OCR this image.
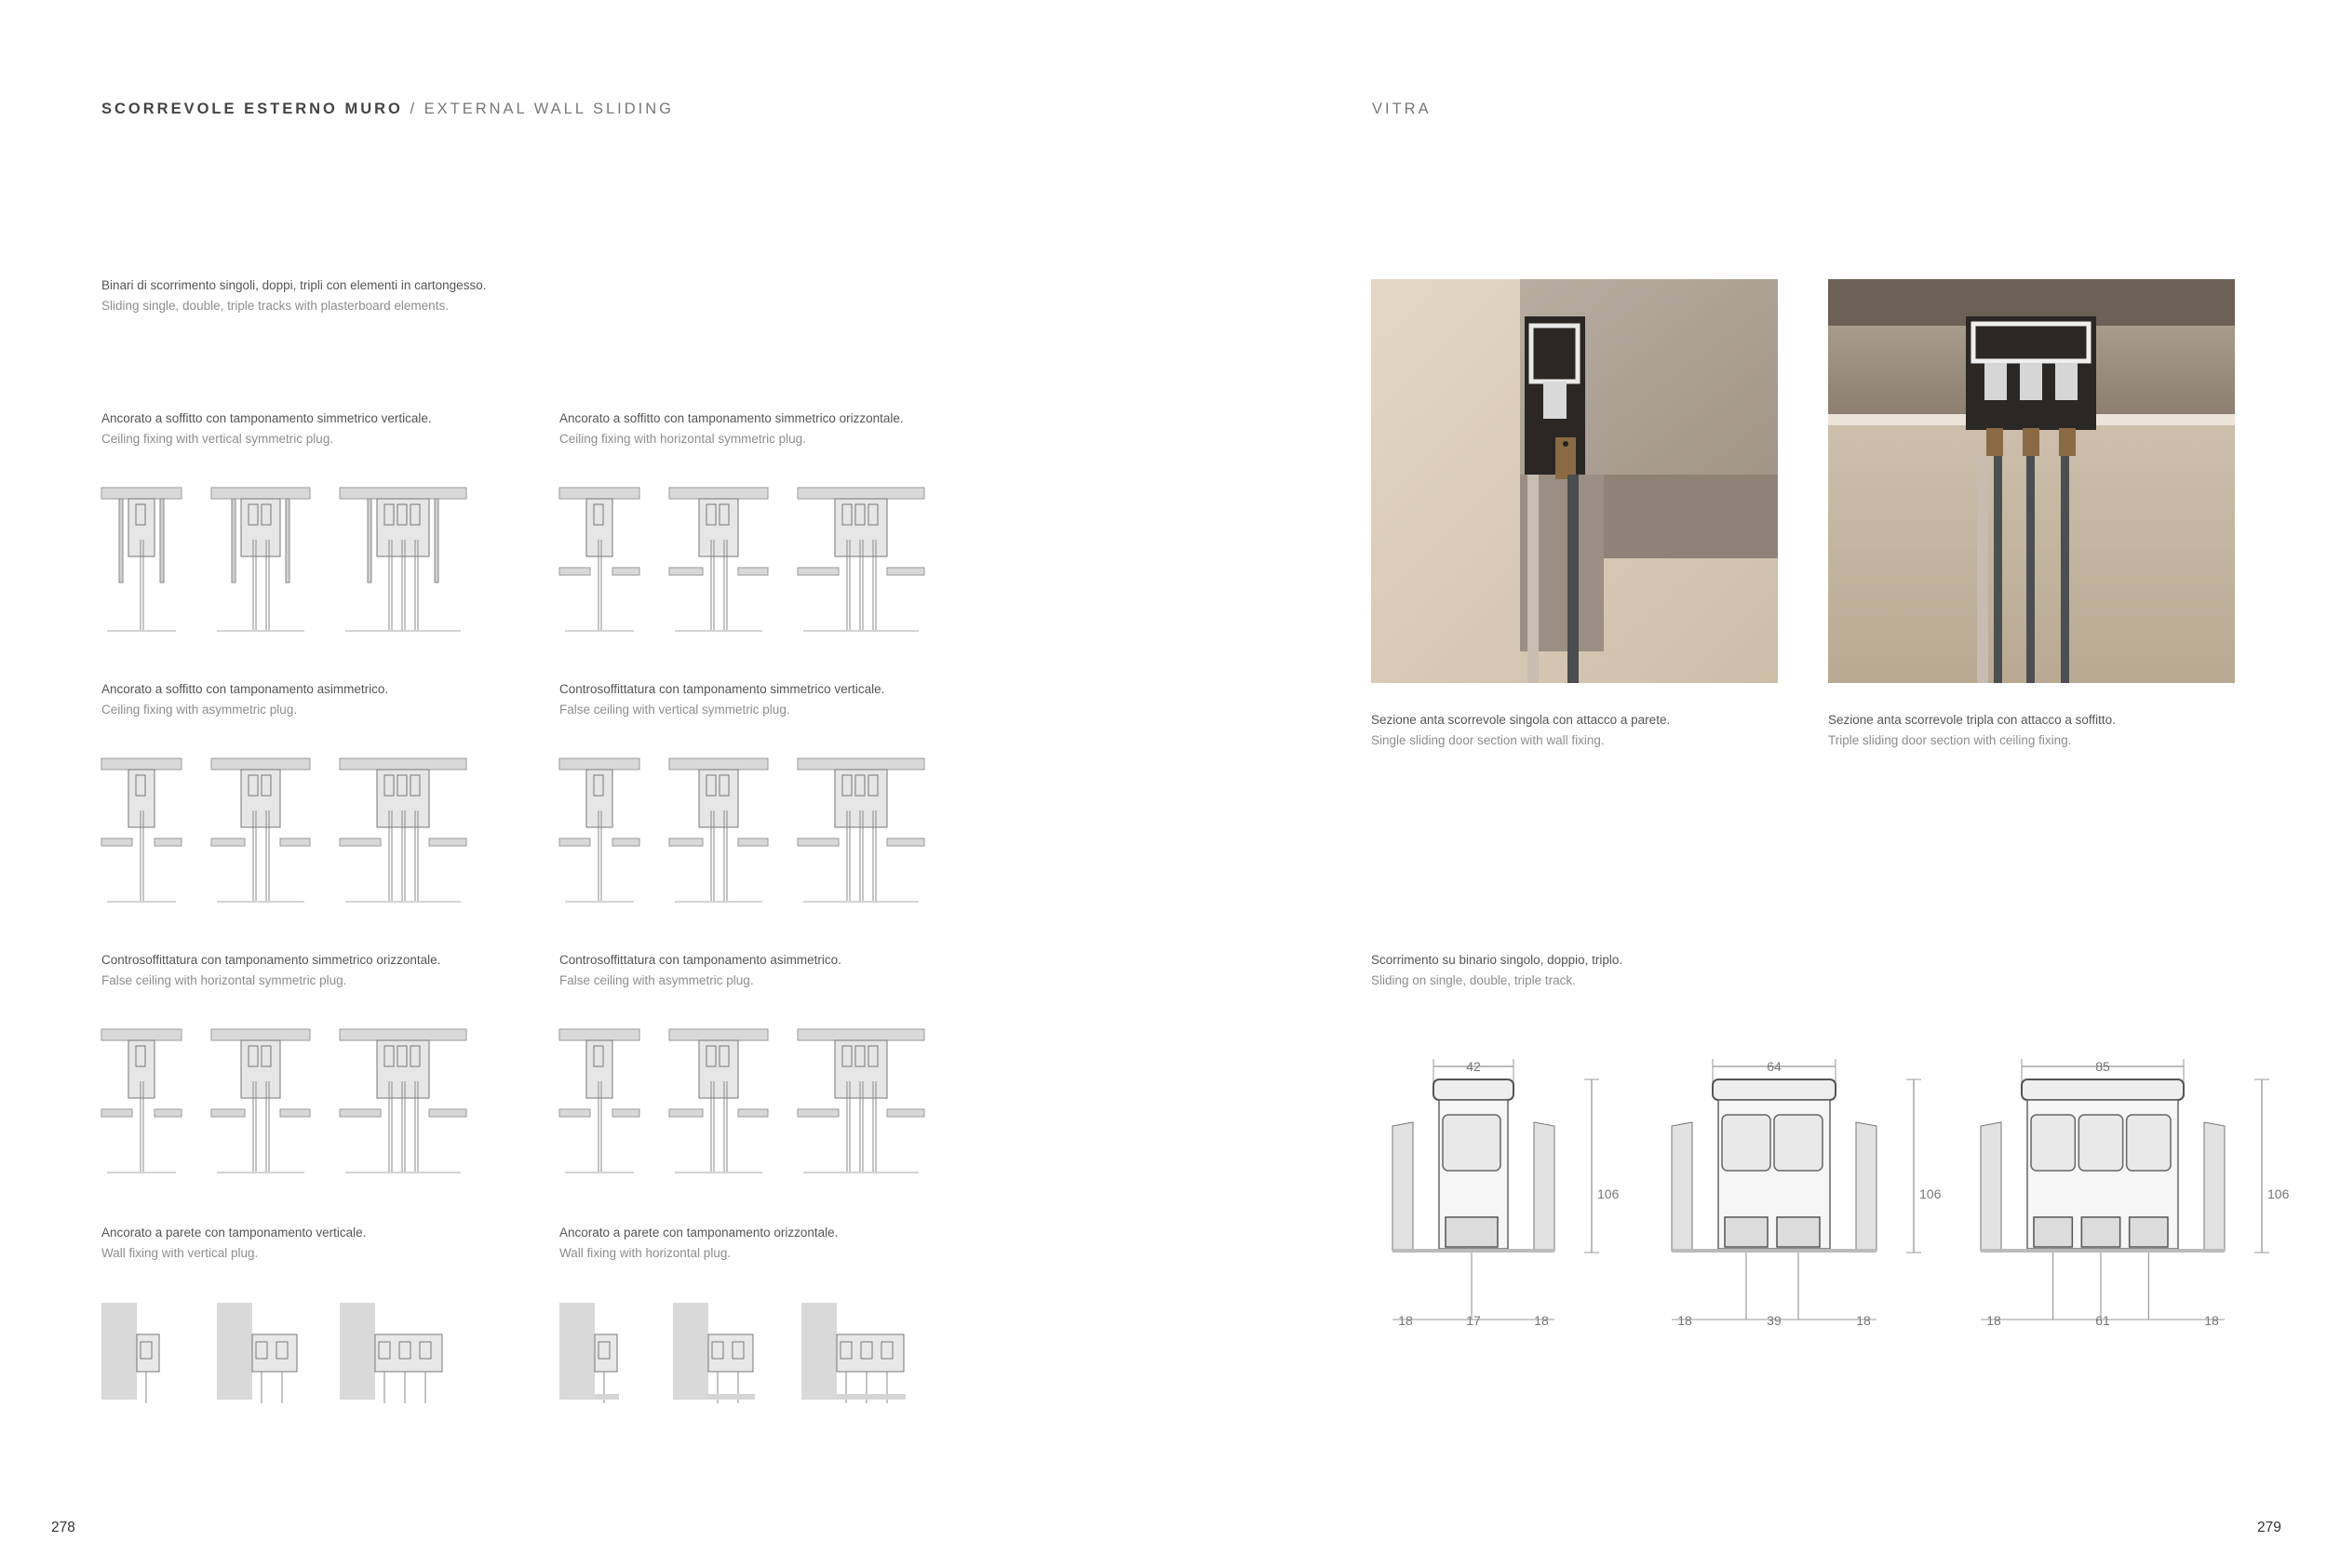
SCORREVOLE ESTERNO MURO / EXTERNAL WALL SLIDING	VITRA
Binari di scorrimento singoli, doppi, tripli con elementi in cartongesso.
Sliding single, double, triple tracks with plasterboard elements.
Ancorato a soffitto con tamponamento simmetrico verticale.
Ceiling fixing with vertical symmetric plug.
Ancorato a soffitto con tamponamento simmetrico orizzontale.
Ceiling fixing with horizontal symmetric plug.
Ancorato a soffitto con tamponamento asimmetrico.
Ceiling fixing with asymmetric plug.
Controsoffittatura con tamponamento simmetrico verticale.
False ceiling with vertical symmetric plug.
Controsoffittatura con tamponamento simmetrico orizzontale.
False ceiling with horizontal symmetric plug.
Controsoffittatura con tamponamento asimmetrico.
False ceiling with asymmetric plug.
Ancorato a parete con tamponamento verticale.
Wall fixing with vertical plug.
Ancorato a parete con tamponamento orizzontale.
Wall fixing with horizontal plug.
Sezione anta scorrevole singola con attacco a parete.
Single sliding door section with wall fixing.
Sezione anta scorrevole tripla con attacco a soffitto.
Triple sliding door section with ceiling fixing.
Scorrimento su binario singolo, doppio, triplo.
Sliding on single, double, triple track.
42
106
18	17	18
64
106
18	39	18
85
106
18	61	18
278	279
